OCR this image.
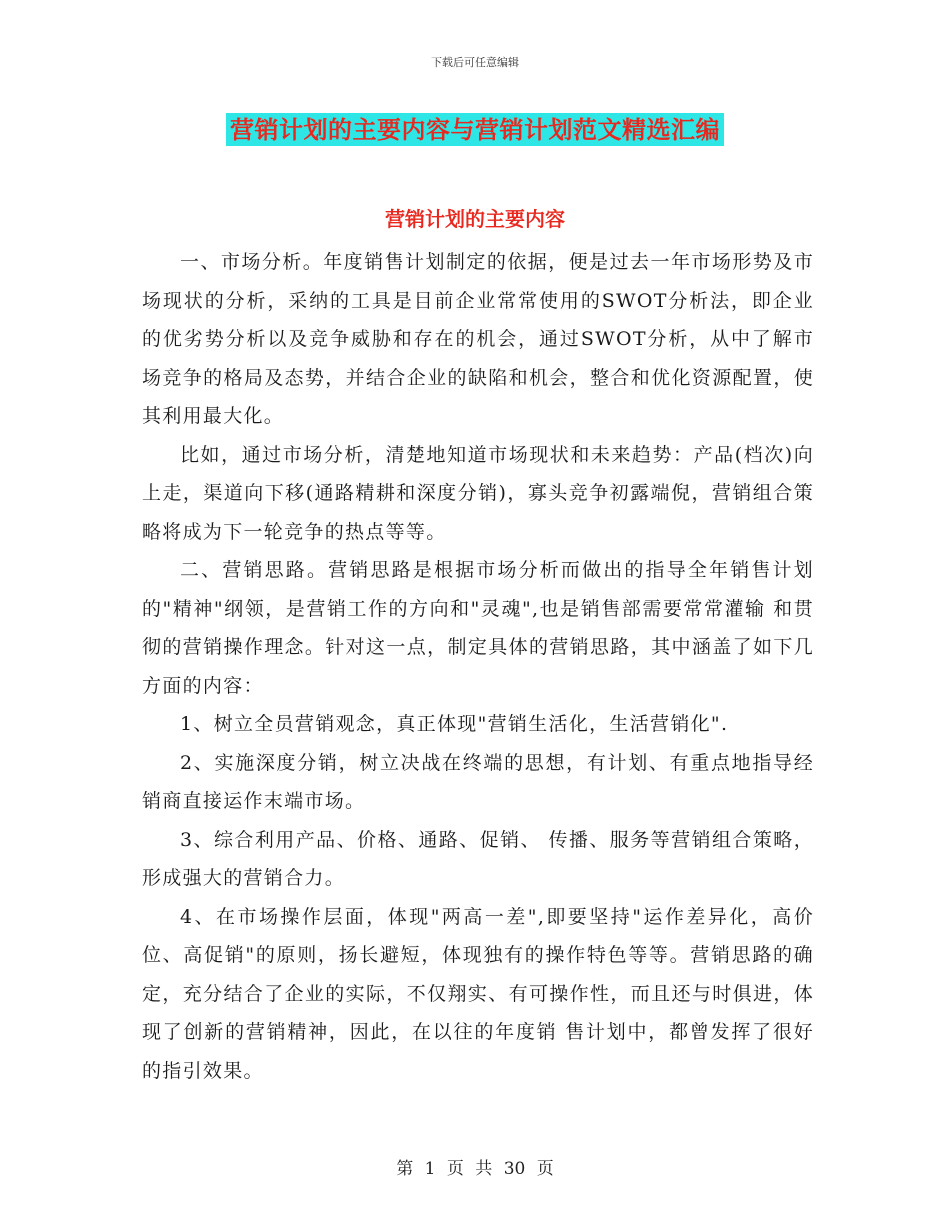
下载后可任意编辑
营销计划的主要内容与营销计划范文精选汇编
营销计划的主要内容

一、市场分析。年度销售计划制定的依据，便是过去一年市场形势及市场现状的分析，采纳的工具是目前企业常常使用的SWOT分析法，即企业的优劣势分析以及竞争威胁和存在的机会，通过SWOT分析，从中了解市场竞争的格局及态势，并结合企业的缺陷和机会，整合和优化资源配置，使其利用最大化。

比如，通过市场分析，清楚地知道市场现状和未来趋势：产品(档次)向上走，渠道向下移(通路精耕和深度分销)，寡头竞争初露端倪，营销组合策略将成为下一轮竞争的热点等等。

二、营销思路。营销思路是根据市场分析而做出的指导全年销售计划的"精神"纲领，是营销工作的方向和"灵魂",也是销售部需要常常灌输 和贯彻的营销操作理念。针对这一点，制定具体的营销思路，其中涵盖了如下几方面的内容：

1、树立全员营销观念，真正体现"营销生活化，生活营销化".

2、实施深度分销，树立决战在终端的思想，有计划、有重点地指导经销商直接运作末端市场。

3、综合利用产品、价格、通路、促销、 传播、服务等营销组合策略，形成强大的营销合力。

4、在市场操作层面，体现"两高一差",即要坚持"运作差异化，高价位、高促销"的原则，扬长避短，体现独有的操作特色等等。营销思路的确定，充分结合了企业的实际，不仅翔实、有可操作性，而且还与时俱进，体现了创新的营销精神，因此，在以往的年度销 售计划中，都曾发挥了很好的指引效果。

第 1 页 共 30 页
